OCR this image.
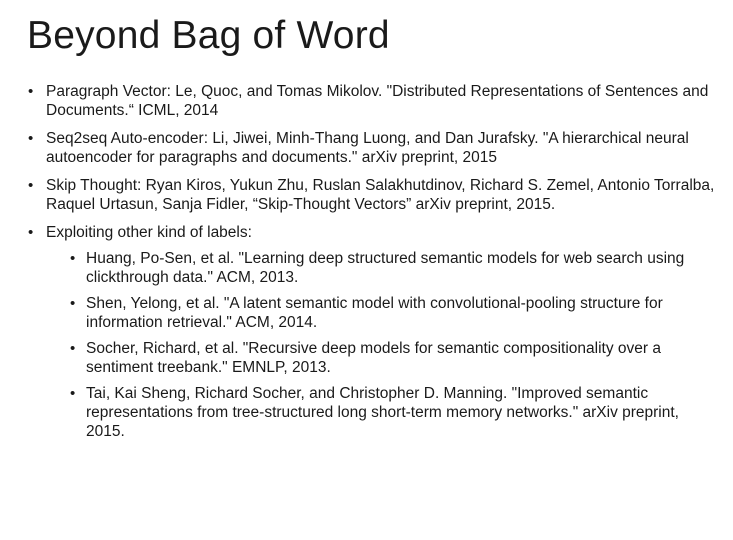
Beyond Bag of Word
• Paragraph Vector: Le, Quoc, and Tomas Mikolov. "Distributed Representations of Sentences and Documents.“ ICML, 2014
• Seq2seq Auto-encoder: Li, Jiwei, Minh-Thang Luong, and Dan Jurafsky. "A hierarchical neural autoencoder for paragraphs and documents." arXiv preprint, 2015
• Skip Thought: Ryan Kiros, Yukun Zhu, Ruslan Salakhutdinov, Richard S. Zemel, Antonio Torralba, Raquel Urtasun, Sanja Fidler, “Skip-Thought Vectors” arXiv preprint, 2015.
• Exploiting other kind of labels:
• Huang, Po-Sen, et al. "Learning deep structured semantic models for web search using clickthrough data." ACM, 2013.
• Shen, Yelong, et al. "A latent semantic model with convolutional-pooling structure for information retrieval." ACM, 2014.
• Socher, Richard, et al. "Recursive deep models for semantic compositionality over a sentiment treebank." EMNLP, 2013.
• Tai, Kai Sheng, Richard Socher, and Christopher D. Manning. "Improved semantic representations from tree-structured long short-term memory networks." arXiv preprint, 2015.
